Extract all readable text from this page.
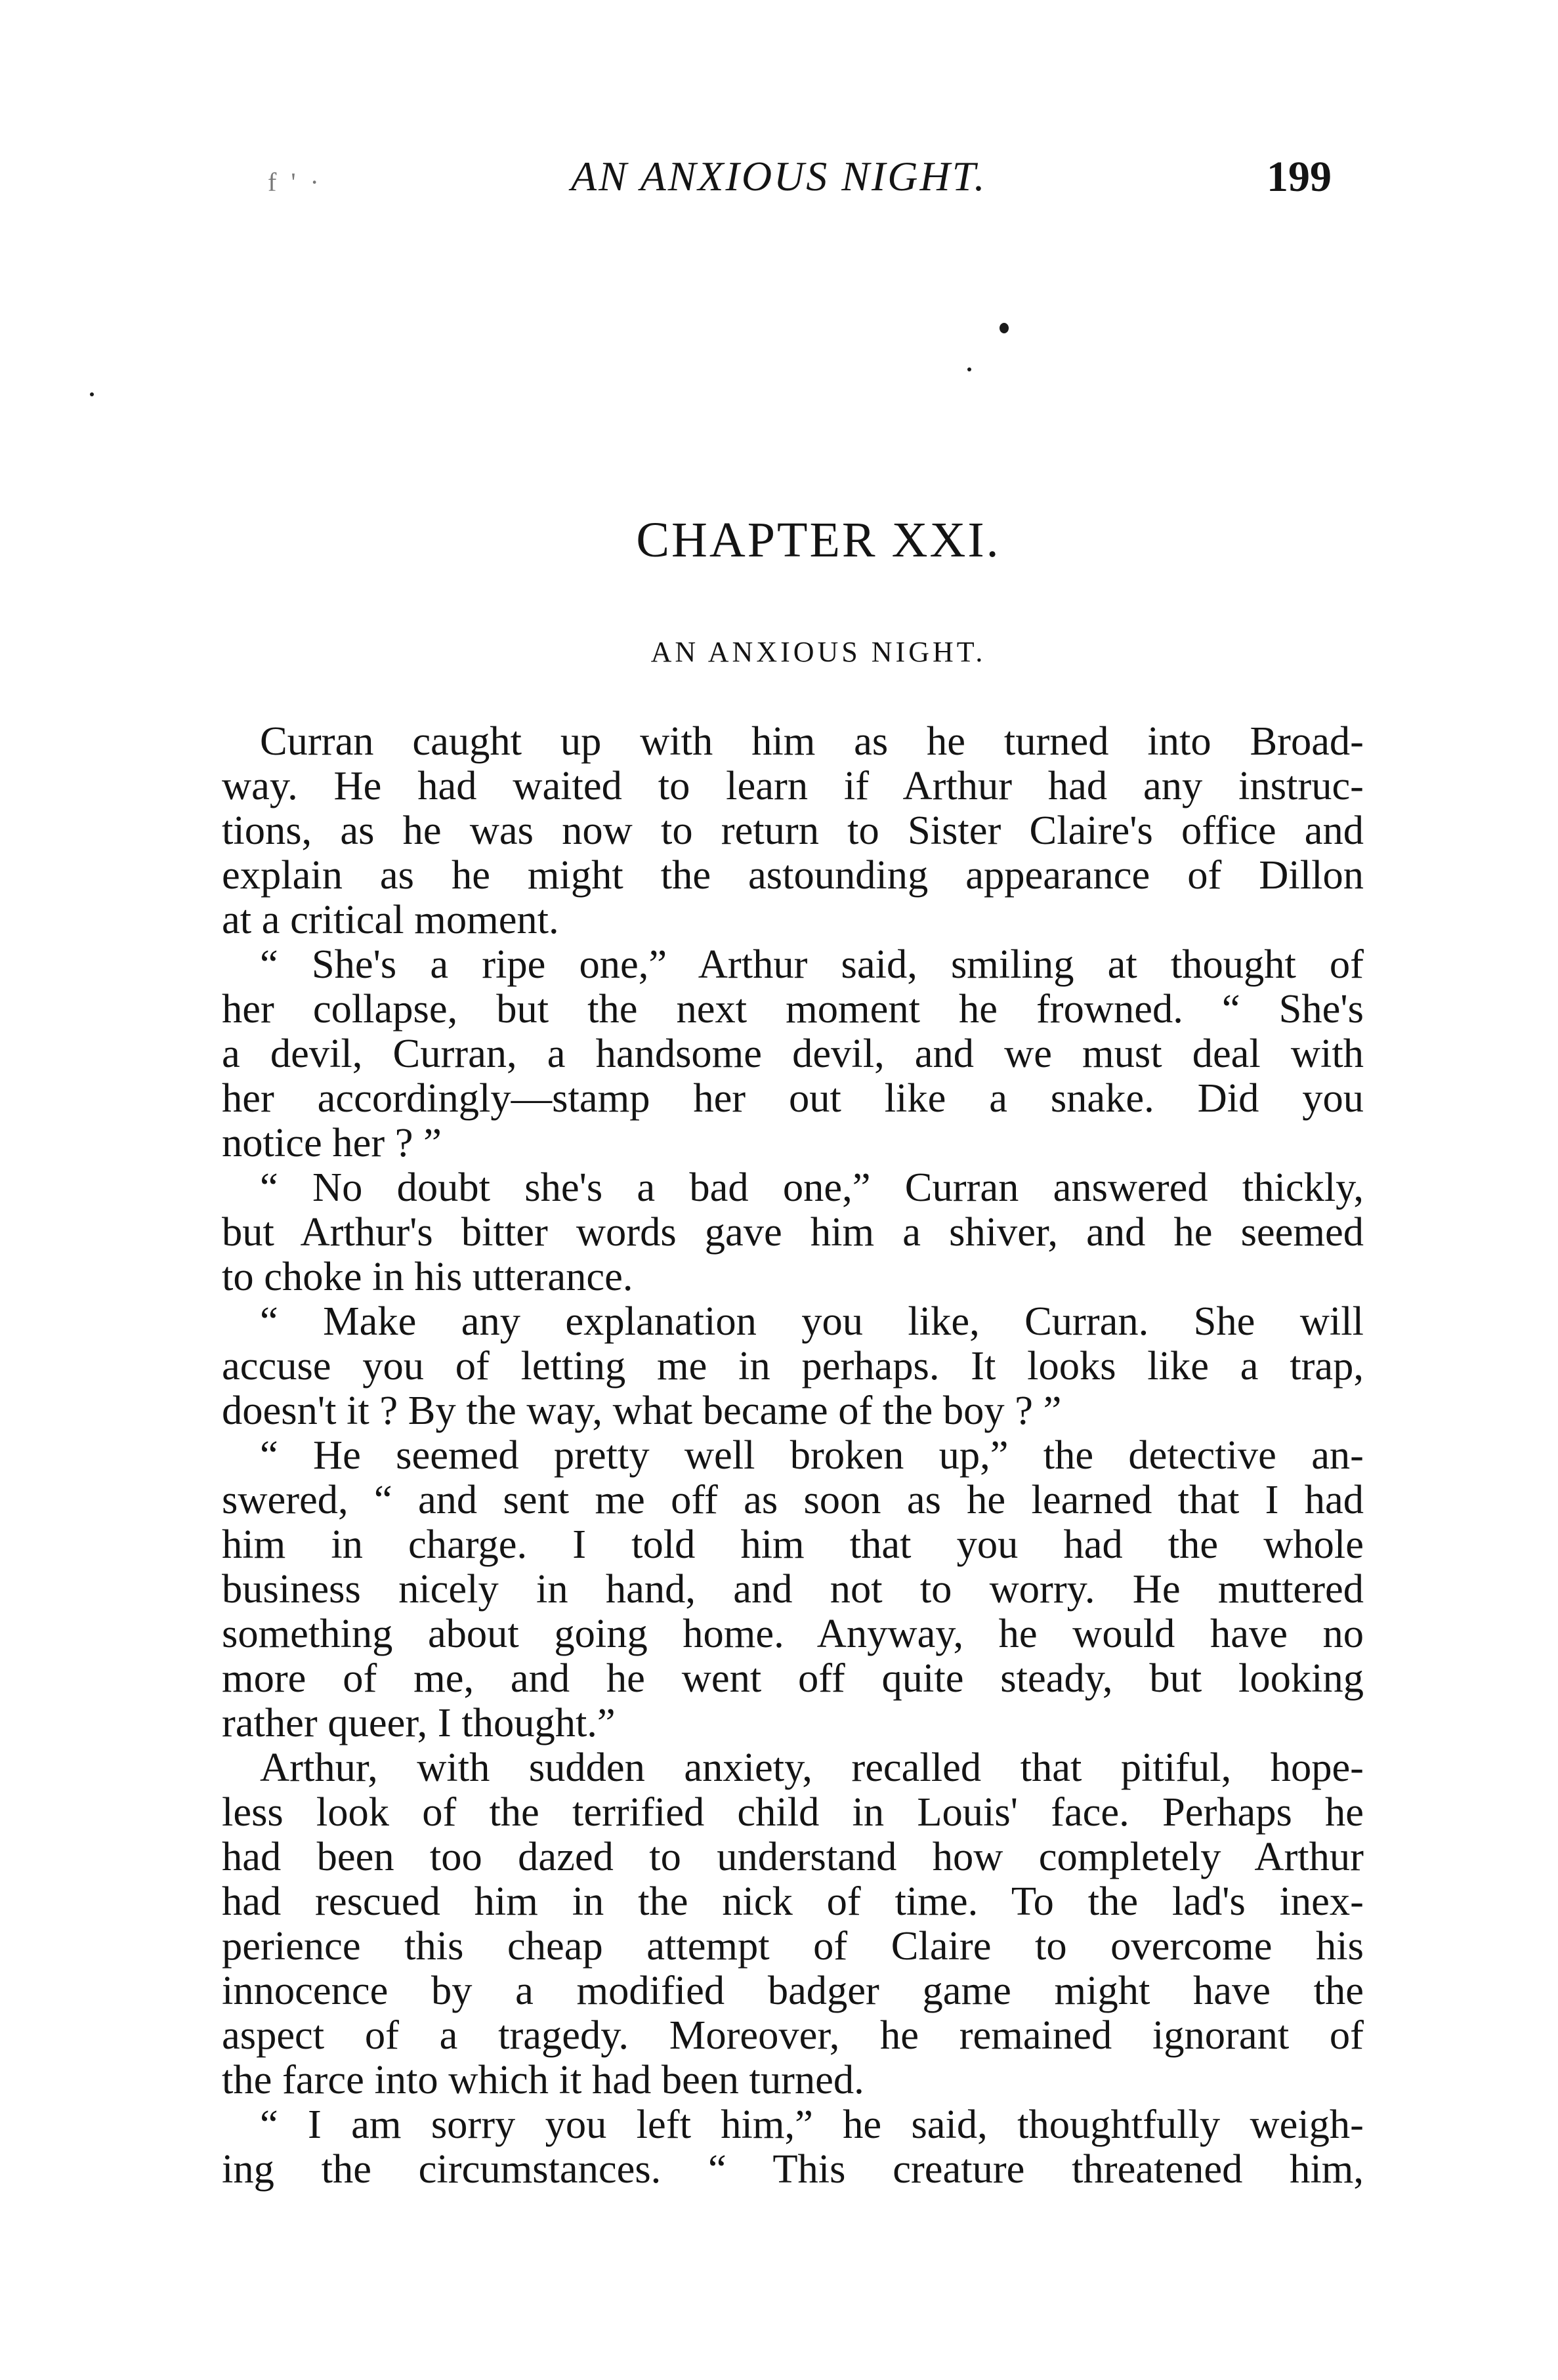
f ' ·	AN ANXIOUS NIGHT.	199
CHAPTER XXI.
AN ANXIOUS NIGHT.
Curran caught up with him as he turned into Broad-
way. He had waited to learn if Arthur had any instruc-
tions, as he was now to return to Sister Claire's office and
explain as he might the astounding appearance of Dillon
at a critical moment.
“ She's a ripe one,” Arthur said, smiling at thought of
her collapse, but the next moment he frowned. “ She's
a devil, Curran, a handsome devil, and we must deal with
her accordingly—stamp her out like a snake. Did you
notice her ? ”
“ No doubt she's a bad one,” Curran answered thickly,
but Arthur's bitter words gave him a shiver, and he seemed
to choke in his utterance.
“ Make any explanation you like, Curran. She will
accuse you of letting me in perhaps. It looks like a trap,
doesn't it ? By the way, what became of the boy ? ”
“ He seemed pretty well broken up,” the detective an-
swered, “ and sent me off as soon as he learned that I had
him in charge. I told him that you had the whole
business nicely in hand, and not to worry. He muttered
something about going home. Anyway, he would have no
more of me, and he went off quite steady, but looking
rather queer, I thought.”
Arthur, with sudden anxiety, recalled that pitiful, hope-
less look of the terrified child in Louis' face. Perhaps he
had been too dazed to understand how completely Arthur
had rescued him in the nick of time. To the lad's inex-
perience this cheap attempt of Claire to overcome his
innocence by a modified badger game might have the
aspect of a tragedy. Moreover, he remained ignorant of
the farce into which it had been turned.
“ I am sorry you left him,” he said, thoughtfully weigh-
ing the circumstances. “ This creature threatened him,
